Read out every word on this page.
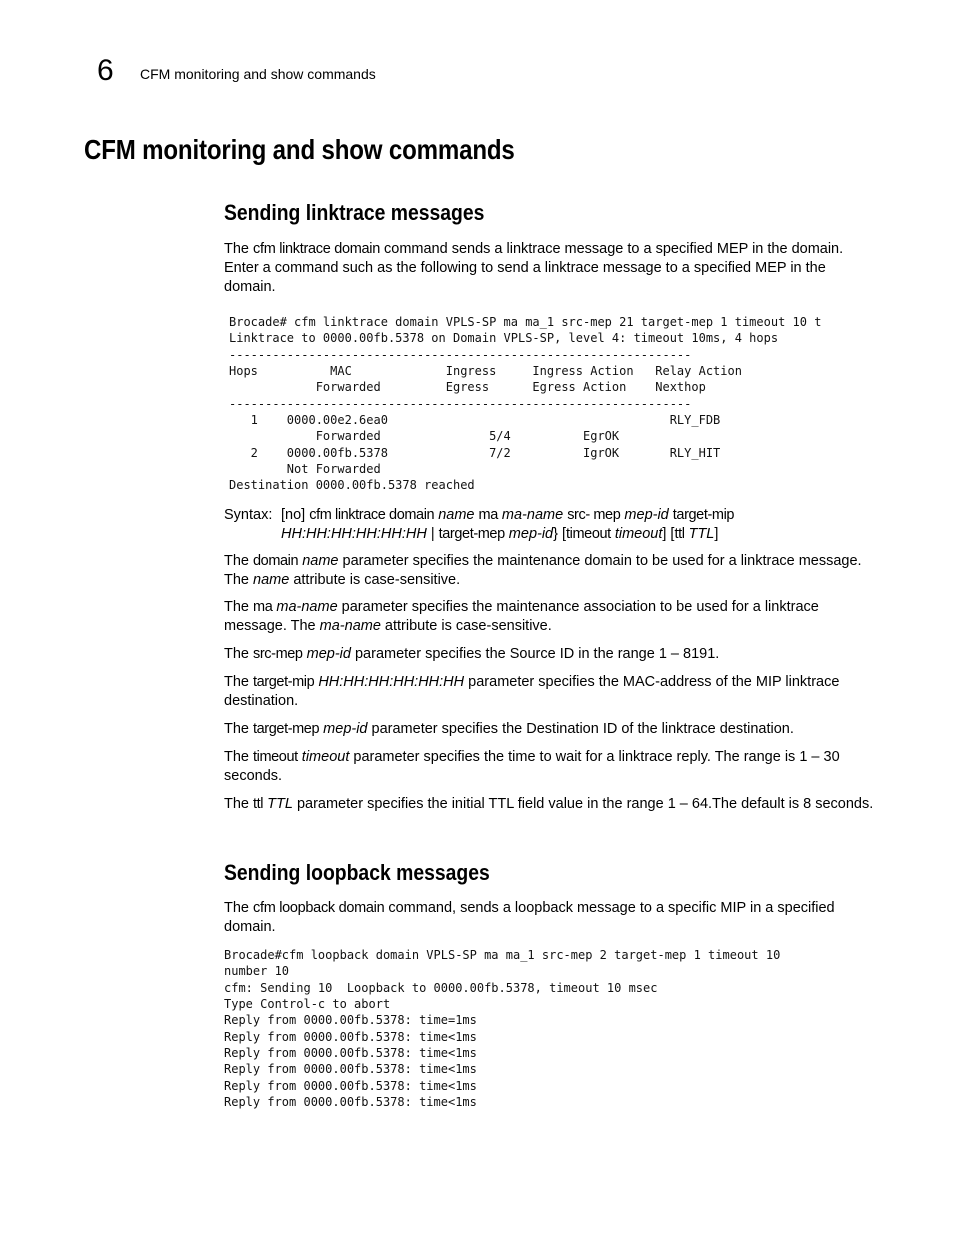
6 CFM monitoring and show commands
CFM monitoring and show commands
Sending linktrace messages
The cfm linktrace domain command sends a linktrace message to a specified MEP in the domain. Enter a command such as the following to send a linktrace message to a specified MEP in the domain.
Brocade# cfm linktrace domain VPLS-SP ma ma_1 src-mep 21 target-mep 1 timeout 10 t
Linktrace to 0000.00fb.5378 on Domain VPLS-SP, level 4: timeout 10ms, 4 hops
----------------------------------------------------------------
Hops          MAC             Ingress     Ingress Action   Relay Action
Forwarded         Egress      Egress Action    Nexthop
----------------------------------------------------------------
1    0000.00e2.6ea0                                       RLY_FDB
Forwarded               5/4          EgrOK
2    0000.00fb.5378              7/2          IgrOK       RLY_HIT
Not Forwarded
Destination 0000.00fb.5378 reached
Syntax: [no] cfm linktrace domain name ma ma-name src- mep mep-id target-mip
HH:HH:HH:HH:HH:HH | target-mep mep-id} [timeout timeout] [ttl TTL]
The domain name parameter specifies the maintenance domain to be used for a linktrace message. The name attribute is case-sensitive.
The ma ma-name parameter specifies the maintenance association to be used for a linktrace message. The ma-name attribute is case-sensitive.
The src-mep mep-id parameter specifies the Source ID in the range 1 – 8191.
The target-mip HH:HH:HH:HH:HH:HH parameter specifies the MAC-address of the MIP linktrace destination.
The target-mep mep-id parameter specifies the Destination ID of the linktrace destination.
The timeout timeout parameter specifies the time to wait for a linktrace reply. The range is 1 – 30 seconds.
The ttl TTL parameter specifies the initial TTL field value in the range 1 – 64.The default is 8 seconds.
Sending loopback messages
The cfm loopback domain command, sends a loopback message to a specific MIP in a specified domain.
Brocade#cfm loopback domain VPLS-SP ma ma_1 src-mep 2 target-mep 1 timeout 10
number 10
cfm: Sending 10  Loopback to 0000.00fb.5378, timeout 10 msec
Type Control-c to abort
Reply from 0000.00fb.5378: time=1ms
Reply from 0000.00fb.5378: time<1ms
Reply from 0000.00fb.5378: time<1ms
Reply from 0000.00fb.5378: time<1ms
Reply from 0000.00fb.5378: time<1ms
Reply from 0000.00fb.5378: time<1ms
